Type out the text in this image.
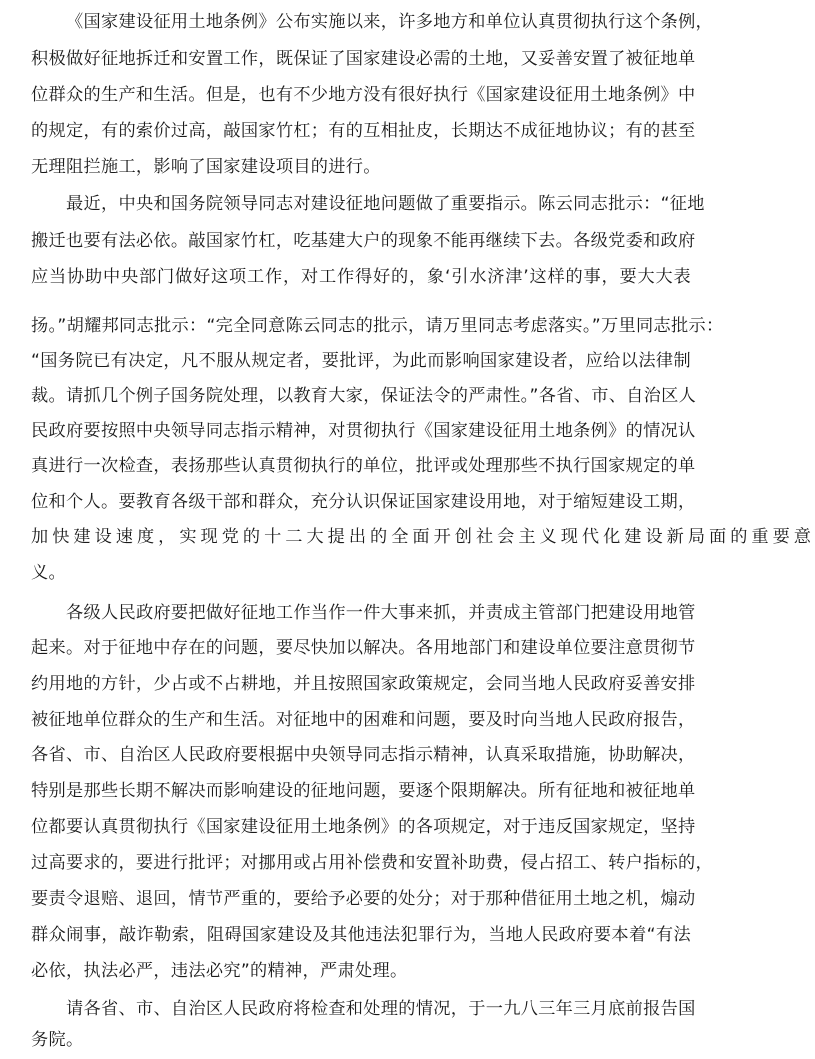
《国家建设征用土地条例》公布实施以来，许多地方和单位认真贯彻执行这个条例，
积极做好征地拆迁和安置工作，既保证了国家建设必需的土地，又妥善安置了被征地单
位群众的生产和生活。但是，也有不少地方没有很好执行《国家建设征用土地条例》中
的规定，有的索价过高，敲国家竹杠；有的互相扯皮，长期达不成征地协议；有的甚至
无理阻拦施工，影响了国家建设项目的进行。
最近，中央和国务院领导同志对建设征地问题做了重要指示。陈云同志批示：“征地
搬迁也要有法必依。敲国家竹杠，吃基建大户的现象不能再继续下去。各级党委和政府
应当协助中央部门做好这项工作，对工作得好的，象‘引水济津’这样的事，要大大表
扬。”胡耀邦同志批示：“完全同意陈云同志的批示，请万里同志考虑落实。”万里同志批示：
“国务院已有决定，凡不服从规定者，要批评，为此而影响国家建设者，应给以法律制
裁。请抓几个例子国务院处理，以教育大家，保证法令的严肃性。”各省、市、自治区人
民政府要按照中央领导同志指示精神，对贯彻执行《国家建设征用土地条例》的情况认
真进行一次检查，表扬那些认真贯彻执行的单位，批评或处理那些不执行国家规定的单
位和个人。要教育各级干部和群众，充分认识保证国家建设用地，对于缩短建设工期，
加快建设速度，实现党的十二大提出的全面开创社会主义现代化建设新局面的重要意
义。
各级人民政府要把做好征地工作当作一件大事来抓，并责成主管部门把建设用地管
起来。对于征地中存在的问题，要尽快加以解决。各用地部门和建设单位要注意贯彻节
约用地的方针，少占或不占耕地，并且按照国家政策规定，会同当地人民政府妥善安排
被征地单位群众的生产和生活。对征地中的困难和问题，要及时向当地人民政府报告，
各省、市、自治区人民政府要根据中央领导同志指示精神，认真采取措施，协助解决，
特别是那些长期不解决而影响建设的征地问题，要逐个限期解决。所有征地和被征地单
位都要认真贯彻执行《国家建设征用土地条例》的各项规定，对于违反国家规定，坚持
过高要求的，要进行批评；对挪用或占用补偿费和安置补助费，侵占招工、转户指标的，
要责令退赔、退回，情节严重的，要给予必要的处分；对于那种借征用土地之机，煽动
群众闹事，敲诈勒索，阻碍国家建设及其他违法犯罪行为，当地人民政府要本着“有法
必依，执法必严，违法必究”的精神，严肃处理。
请各省、市、自治区人民政府将检查和处理的情况，于一九八三年三月底前报告国
务院。
